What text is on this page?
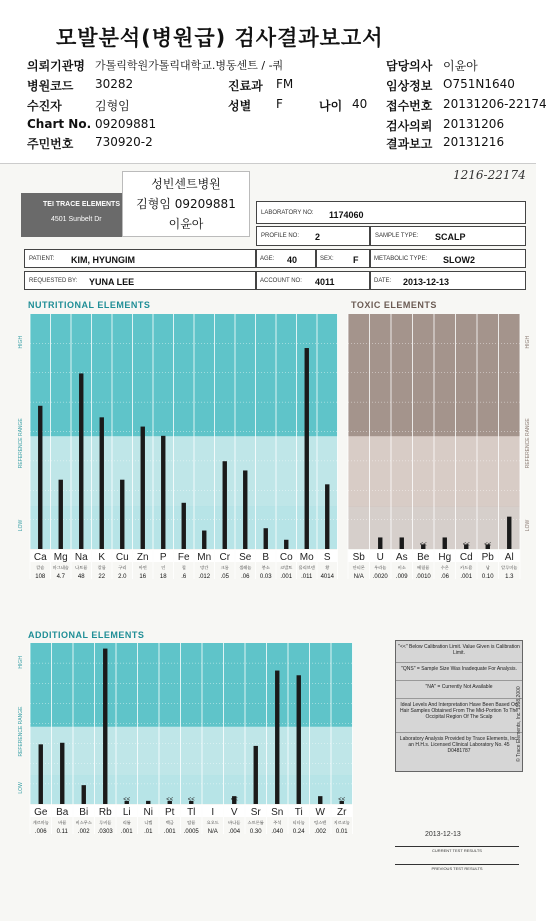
모발분석(병원급) 검사결과보고서
의뢰기관명 가톨릭학원가톨릭대학교.병동센트 / -쿼	담당의사 이윤아
병원코드 30282	진료과 FM	임상정보 O751N1640
수진자	김형임	성별 F	나이 40 접수번호 20131206-22174
Chart No. 09209881	검사의뢰 20131206
주민번호 730920-2	결과보고 20131216
TEI TRACE ELEMENTS
4501 Sunbelt Dr
성빈센트병원
김형임 09209881
이윤아
1216-22174
LABORATORY NO: 1174060
PROFILE NO: 2	SAMPLE TYPE: SCALP
PATIENT: KIM, HYUNGIM	AGE: 40	SEX: F	METABOLIC TYPE: SLOW2
REQUESTED BY: YUNA LEE	ACCOUNT NO: 4011	DATE: 2013-12-13
NUTRITIONAL ELEMENTS	TOXIC ELEMENTS
ADDITIONAL ELEMENTS
HIGH
REFERENCE RANGE
LOW
Ca
칼슘
108
Mg
마그네슘
4.7
Na
나트륨
48
K
칼륨
22
Cu
구리
2.0
Zn
아연
16
P
인
18
Fe
철
.6
Mn
망간
.012
Cr
크롬
.05
Se
셀레늄
.06
B
붕소
0.03
Co
코발트
.001
Mo
몰리브덴
.011
S
황
4014
HIGH
REFERENCE RANGE
LOW
Sb
안티몬
N/A
U
우라늄
.0020
As
비소
.009
<<
Be
베릴륨
.0010
Hg
수은
.06
<<
Cd
카드뮴
.001
<<
Pb
납
0.10
Al
알루미늄
1.3
HIGH
REFERENCE RANGE
LOW
Ge
게르마늄
.006
Ba
바륨
0.11
Bi
비스무스
.002
Rb
루비듐
.0303
<<
Li
리튬
.001
Ni
니켈
.01
<<
Pt
백금
.001
<<
Tl
탈륨
.0005
I
요오드
N/A
<<
V
바나듐
.004
Sr
스트론튬
0.30
Sn
주석
.040
Ti
티타늄
0.24
W
텅스텐
.002
<<
Zr
지르코늄
0.01
"<<" Below Calibration Limit. Value Given is Calibration Limit.
"QNS" = Sample Size Was Inadequate For Analysis.
"NA" = Currently Not Available
Ideal Levels And Interpretation Have Been Based On Hair Samples Obtained From The Mid-Portion To The Occipital Region Of The Scalp
Laboratory Analysis Provided by Trace Elements, Inc. an H.H.s. Licensed Clinical Laboratory No. 45 D0481787
2013-12-13
CURRENT TEST RESULTS
PREVIOUS TEST RESULTS
© Trace Elements, Inc. 1998,2000
